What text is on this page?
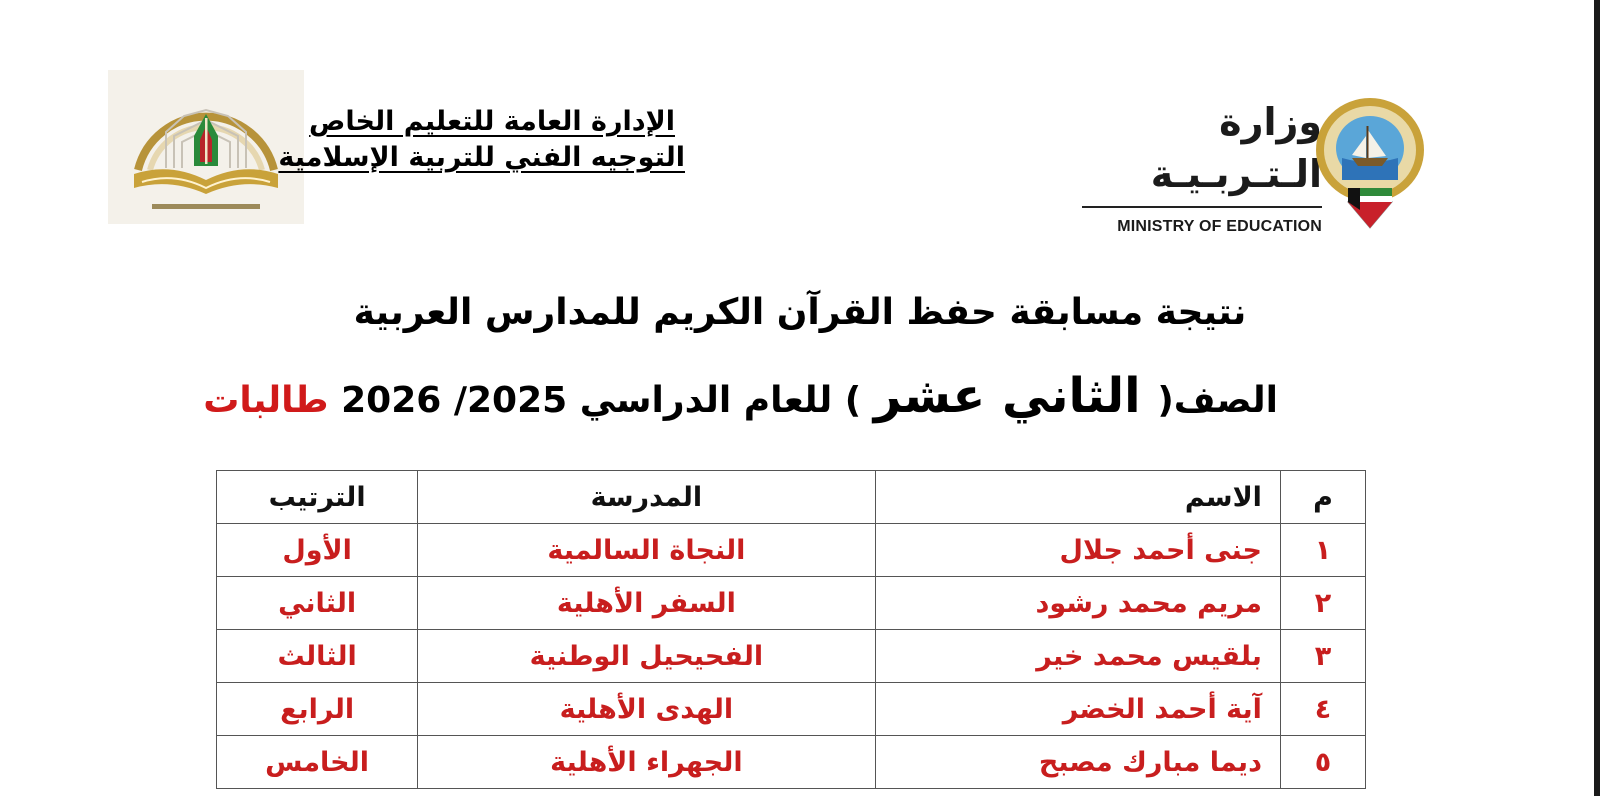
الإدارة العامة للتعليم الخاص
التوجيه الفني للتربية الإسلامية
وزارة الـتـربـيـة
MINISTRY OF EDUCATION
نتيجة مسابقة حفظ القرآن الكريم للمدارس العربية
الصف( الثاني عشر ) للعام الدراسي 2025/ 2026 طالبات
م	الاسم	المدرسة	الترتيب
١	جنى أحمد جلال	النجاة السالمية	الأول
٢	مريم محمد رشود	السفر الأهلية	الثاني
٣	بلقيس محمد خير	الفحيحيل الوطنية	الثالث
٤	آية أحمد الخضر	الهدى الأهلية	الرابع
٥	ديما مبارك مصبح	الجهراء الأهلية	الخامس
